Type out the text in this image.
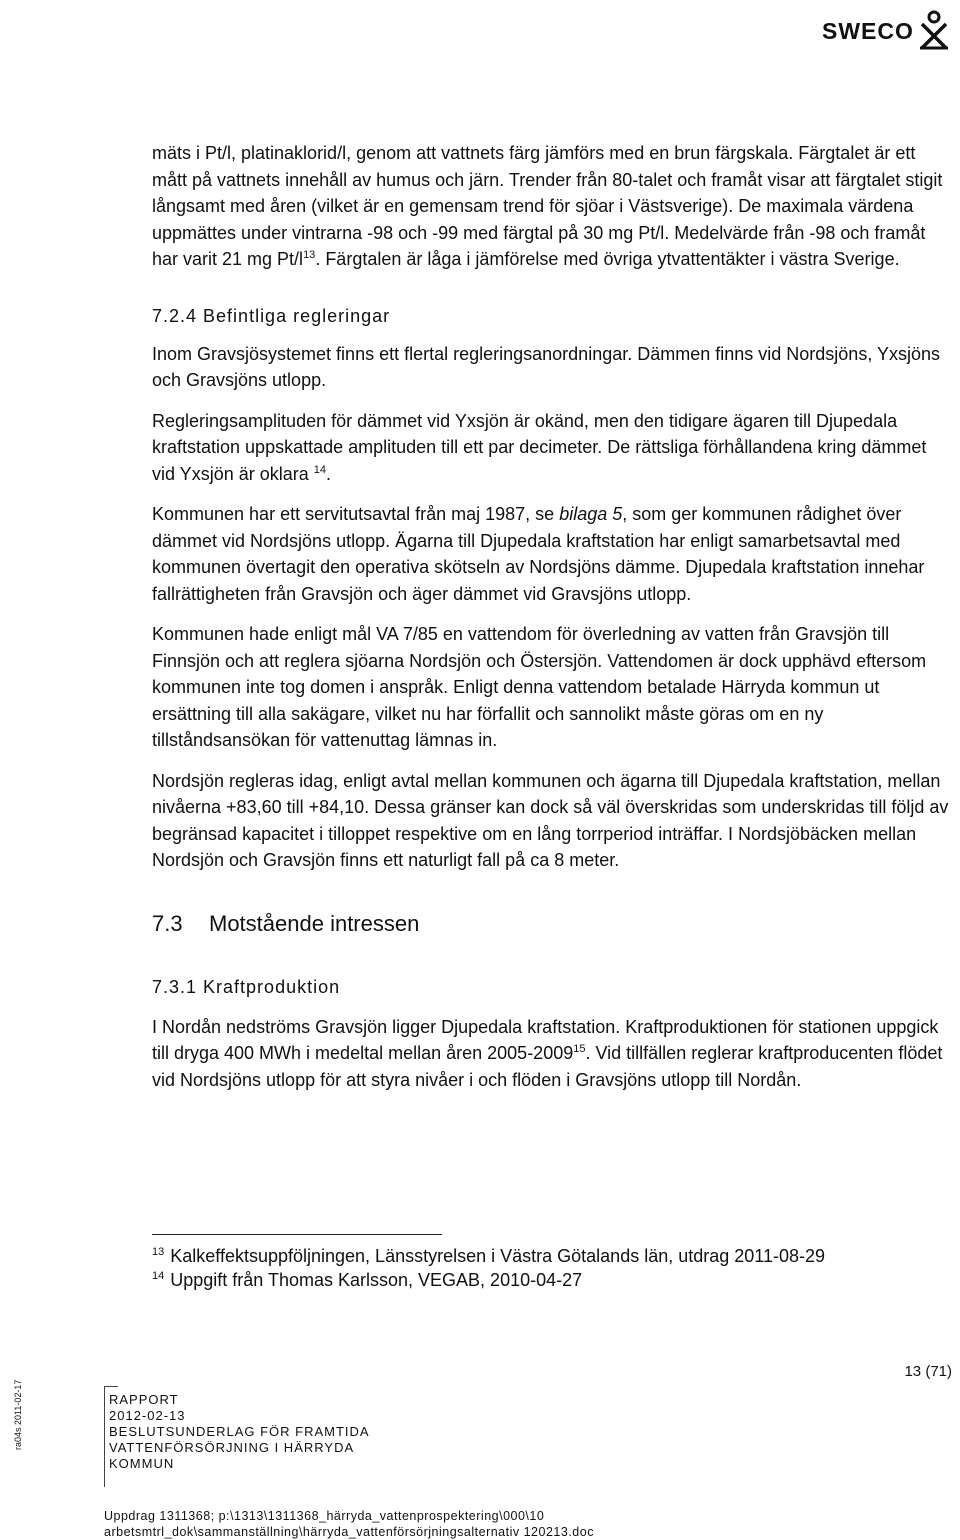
SWECO

mäts i Pt/l, platinaklorid/l, genom att vattnets färg jämförs med en brun färgskala. Färgtalet är ett mått på vattnets innehåll av humus och järn. Trender från 80-talet och framåt visar att färgtalet stigit långsamt med åren (vilket är en gemensam trend för sjöar i Västsverige). De maximala värdena uppmättes under vintrarna -98 och -99 med färgtal på 30 mg Pt/l. Medelvärde från -98 och framåt har varit 21 mg $Pt/l^{13}$. Färgtalen är låga i jämförelse med övriga ytvattentäkter i västra Sverige.

7.2.4 Befintliga regleringar

Inom Gravsjösystemet finns ett flertal regleringsanordningar. Dämmen finns vid Nordsjöns, Yxsjöns och Gravsjöns utlopp.

Regleringsamplituden för dämmet vid Yxsjön är okänd, men den tidigare ägaren till Djupedala kraftstation uppskattade amplituden till ett par decimeter. De rättsliga förhållandena kring dämmet vid Yxsjön är oklara $^{14}$.

Kommunen har ett servitutsavtal från maj 1987, se bilaga 5, som ger kommunen rådighet över dämmet vid Nordsjöns utlopp. Ägarna till Djupedala kraftstation har enligt samarbetsavtal med kommunen övertagit den operativa skötseln av Nordsjöns dämme. Djupedala kraftstation innehar fallrättigheten från Gravsjön och äger dämmet vid Gravsjöns utlopp.

Kommunen hade enligt mål VA 7/85 en vattendom för överledning av vatten från Gravsjön till Finnsjön och att reglera sjöarna Nordsjön och Östersjön. Vattendomen är dock upphävd eftersom kommunen inte tog domen i anspråk. Enligt denna vattendom betalade Härryda kommun ut ersättning till alla sakägare, vilket nu har förfallit och sannolikt måste göras om en ny tillståndsansökan för vattenuttag lämnas in.

Nordsjön regleras idag, enligt avtal mellan kommunen och ägarna till Djupedala kraftstation, mellan nivåerna +83,60 till +84,10. Dessa gränser kan dock så väl överskridas som underskridas till följd av begränsad kapacitet i tilloppet respektive om en lång torrperiod inträffar. I Nordsjöbäcken mellan Nordsjön och Gravsjön finns ett naturligt fall på ca 8 meter.

7.3 Motstående intressen

7.3.1 Kraftproduktion

I Nordån nedströms Gravsjön ligger Djupedala kraftstation. Kraftproduktionen för stationen uppgick till dryga 400 MWh i medeltal mellan åren 2005-2009$^{15}$. Vid tillfällen reglerar kraftproducenten flödet vid Nordsjöns utlopp för att styra nivåer i och flöden i Gravsjöns utlopp till Nordån.

$^{13}$ Kalkeffektsuppföljningen, Länsstyrelsen i Västra Götalands län, utdrag 2011-08-29

$^{14}$ Uppgift från Thomas Karlsson, VEGAB, 2010-04-27

13 (71)
ra04s 2011-02-17	RAPPORT

2012-02-13

BESLUTSUNDERLAG FÖR FRAMTIDA

VATTENFÖRSÖRJNING I HÄRRYDA

KOMMUN

Uppdrag 1311368; p:\1313\1311368_härryda_vattenprospektering\000\10

arbetsmtrl_dok\sammanställning\härryda_vattenförsörjningsalternativ 120213.doc
